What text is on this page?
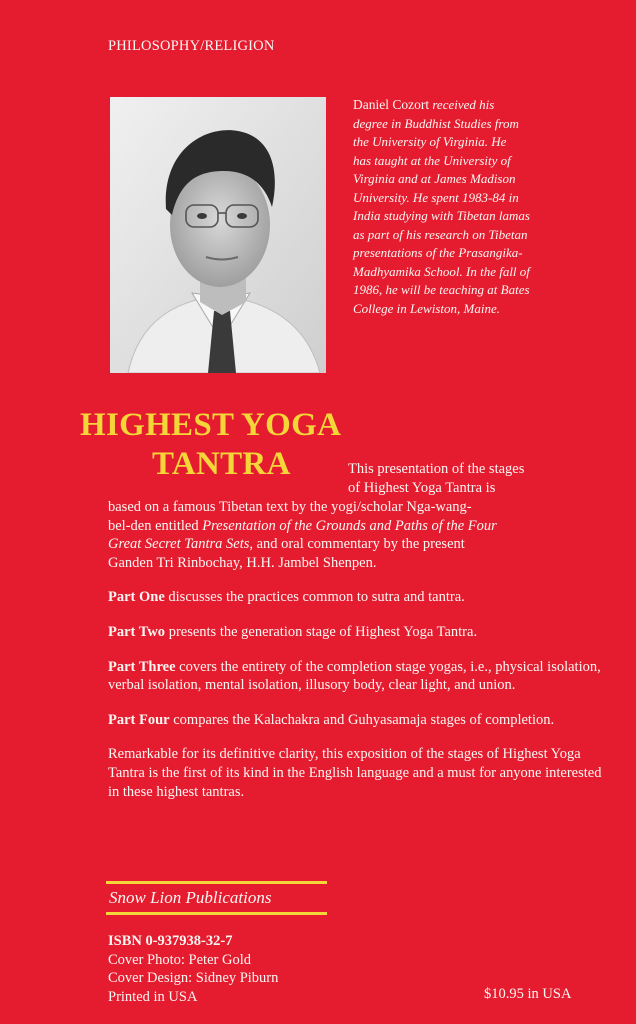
PHILOSOPHY/RELIGION
Daniel Cozort received his
degree in Buddhist Studies from
the University of Virginia. He
has taught at the University of
Virginia and at James Madison
University. He spent 1983-84 in
India studying with Tibetan lamas
as part of his research on Tibetan
presentations of the Prasangika-
Madhyamika School. In the fall of
1986, he will be teaching at Bates
College in Lewiston, Maine.
HIGHEST YOGA
TANTRA	This presentation of the stages
of Highest Yoga Tantra is

based on a famous Tibetan text by the yogi/scholar Nga-wang-
bel-den entitled Presentation of the Grounds and Paths of the Four
Great Secret Tantra Sets, and oral commentary by the present
Ganden Tri Rinbochay, H.H. Jambel Shenpen.

Part One discusses the practices common to sutra and tantra.

Part Two presents the generation stage of Highest Yoga Tantra.

Part Three covers the entirety of the completion stage yogas, i.e., physical isolation, verbal isolation, mental isolation, illusory body, clear light, and union.

Part Four compares the Kalachakra and Guhyasamaja stages of completion.

Remarkable for its definitive clarity, this exposition of the stages of Highest Yoga Tantra is the first of its kind in the English language and a must for anyone interested in these highest tantras.

Snow Lion Publications
ISBN 0-937938-32-7
Cover Photo: Peter Gold
Cover Design: Sidney Piburn
Printed in USA	$10.95 in USA
